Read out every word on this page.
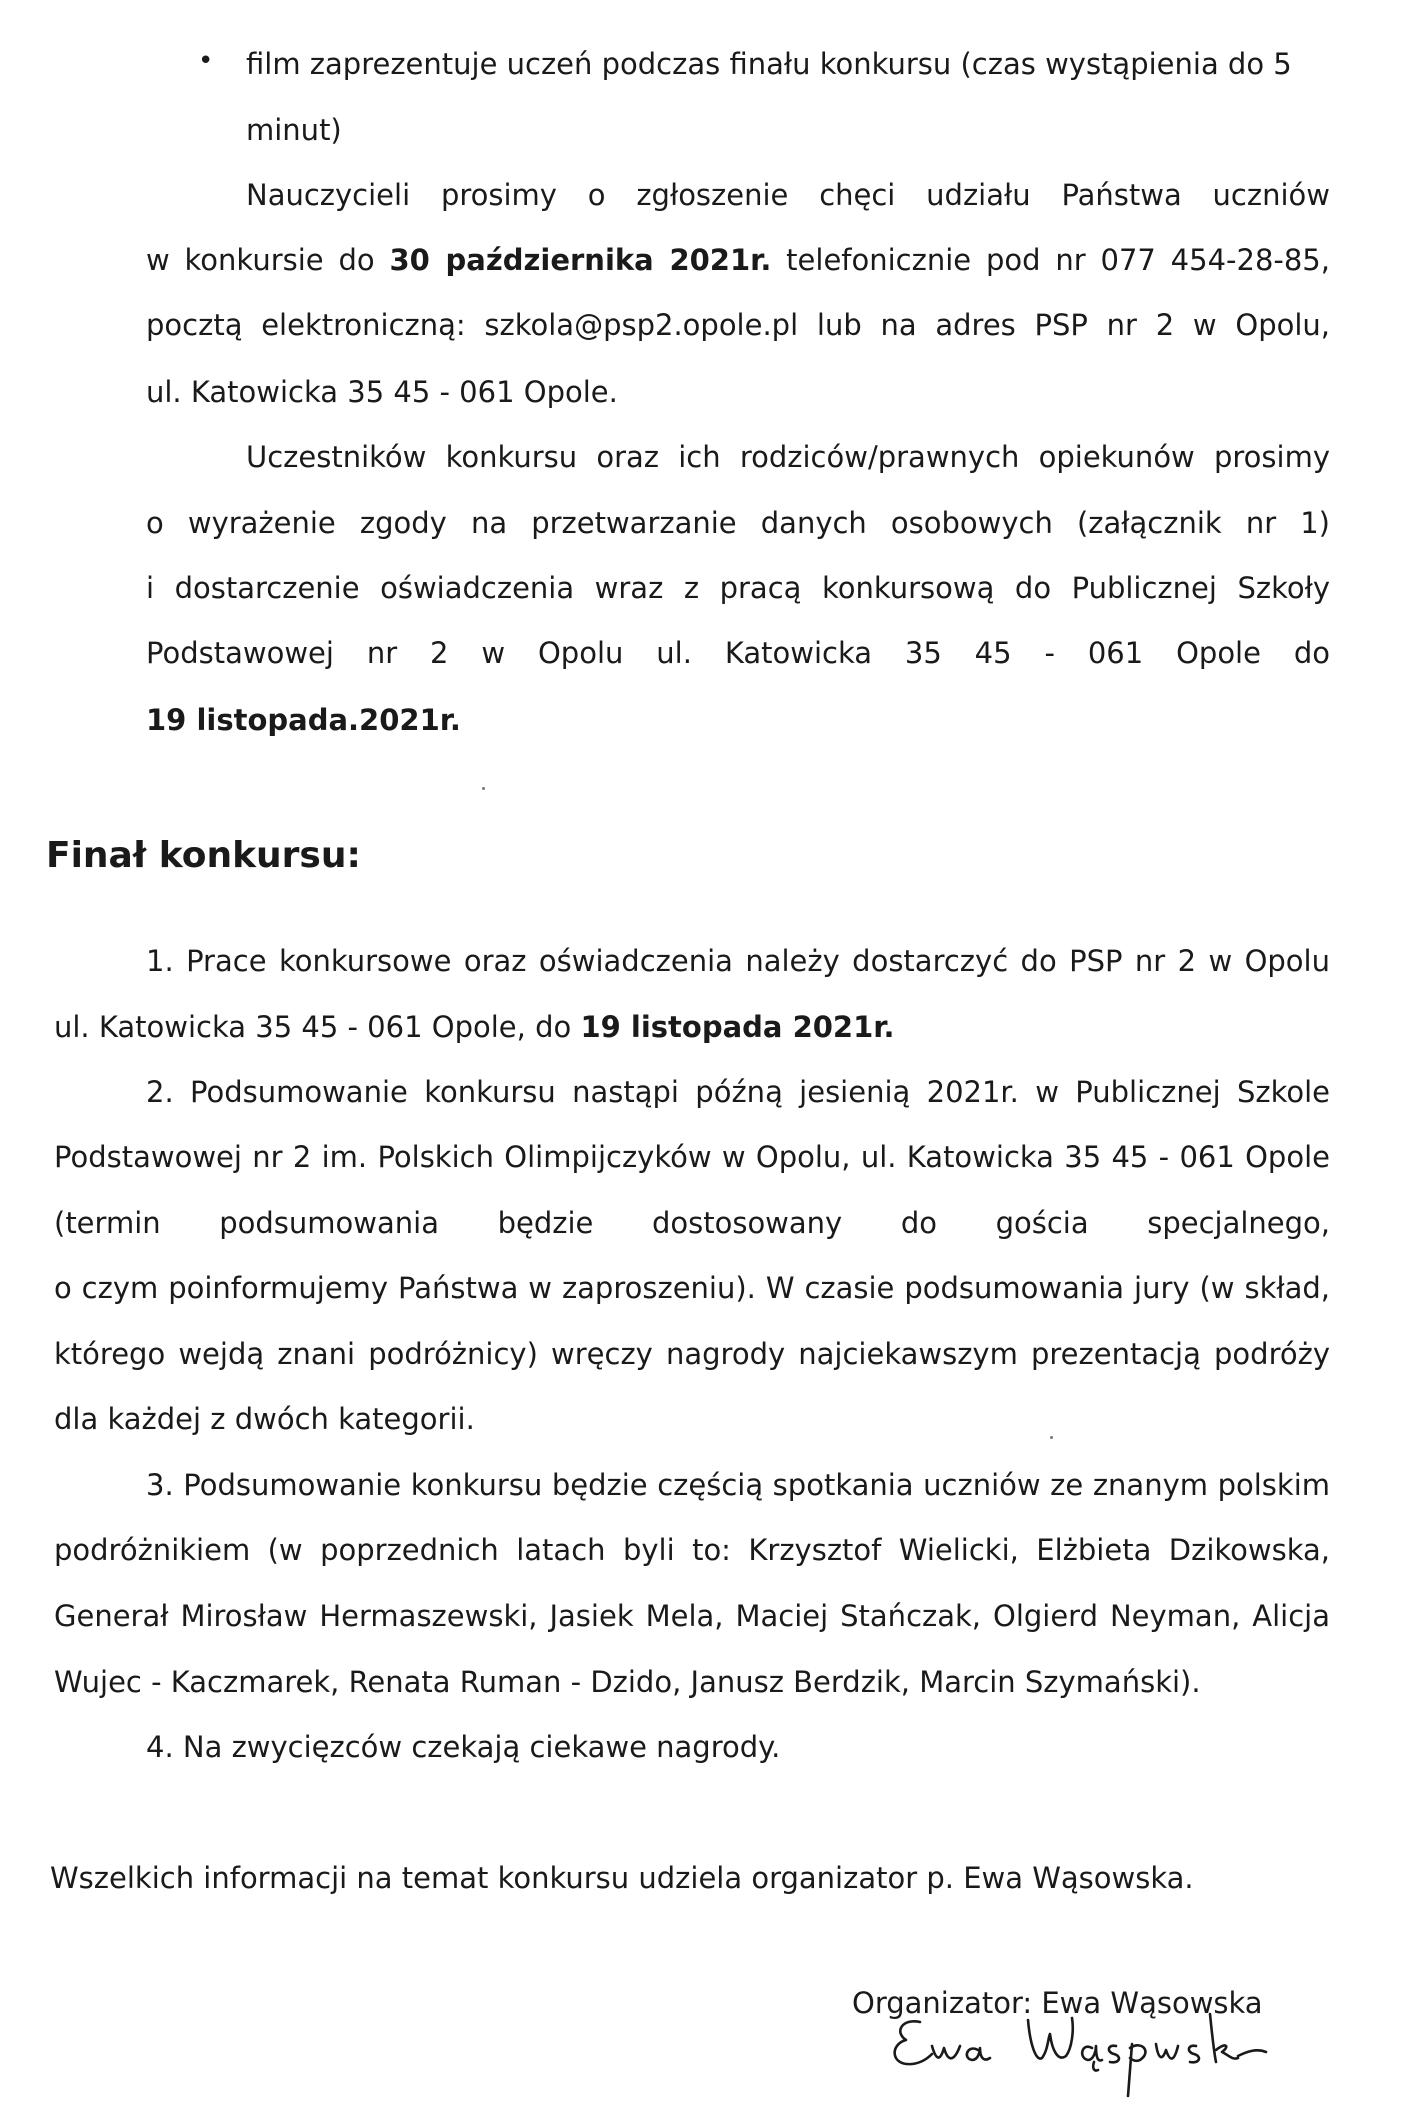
• film zaprezentuje uczeń podczas finału konkursu (czas wystąpienia do 5
minut)
Nauczycieli prosimy o zgłoszenie chęci udziału Państwa uczniów
w konkursie do 30 października 2021r. telefonicznie pod nr 077 454-28-85,
pocztą elektroniczną: szkola@psp2.opole.pl lub na adres PSP nr 2 w Opolu,
ul. Katowicka 35 45 - 061 Opole.
Uczestników konkursu oraz ich rodziców/prawnych opiekunów prosimy
o wyrażenie zgody na przetwarzanie danych osobowych (załącznik nr 1)
i dostarczenie oświadczenia wraz z pracą konkursową do Publicznej Szkoły
Podstawowej nr 2 w Opolu ul. Katowicka 35 45 - 061 Opole do
19 listopada.2021r.
Finał konkursu:
1. Prace konkursowe oraz oświadczenia należy dostarczyć do PSP nr 2 w Opolu
ul. Katowicka 35 45 - 061 Opole, do 19 listopada 2021r.
2. Podsumowanie konkursu nastąpi późną jesienią 2021r. w Publicznej Szkole
Podstawowej nr 2 im. Polskich Olimpijczyków w Opolu, ul. Katowicka 35 45 - 061 Opole
(termin podsumowania będzie dostosowany do gościa specjalnego,
o czym poinformujemy Państwa w zaproszeniu). W czasie podsumowania jury (w skład,
którego wejdą znani podróżnicy) wręczy nagrody najciekawszym prezentacją podróży
dla każdej z dwóch kategorii.
3. Podsumowanie konkursu będzie częścią spotkania uczniów ze znanym polskim
podróżnikiem (w poprzednich latach byli to: Krzysztof Wielicki, Elżbieta Dzikowska,
Generał Mirosław Hermaszewski, Jasiek Mela, Maciej Stańczak, Olgierd Neyman, Alicja
Wujec - Kaczmarek, Renata Ruman - Dzido, Janusz Berdzik, Marcin Szymański).
4. Na zwycięzców czekają ciekawe nagrody.
Wszelkich informacji na temat konkursu udziela organizator p. Ewa Wąsowska.
Organizator: Ewa Wąsowska
